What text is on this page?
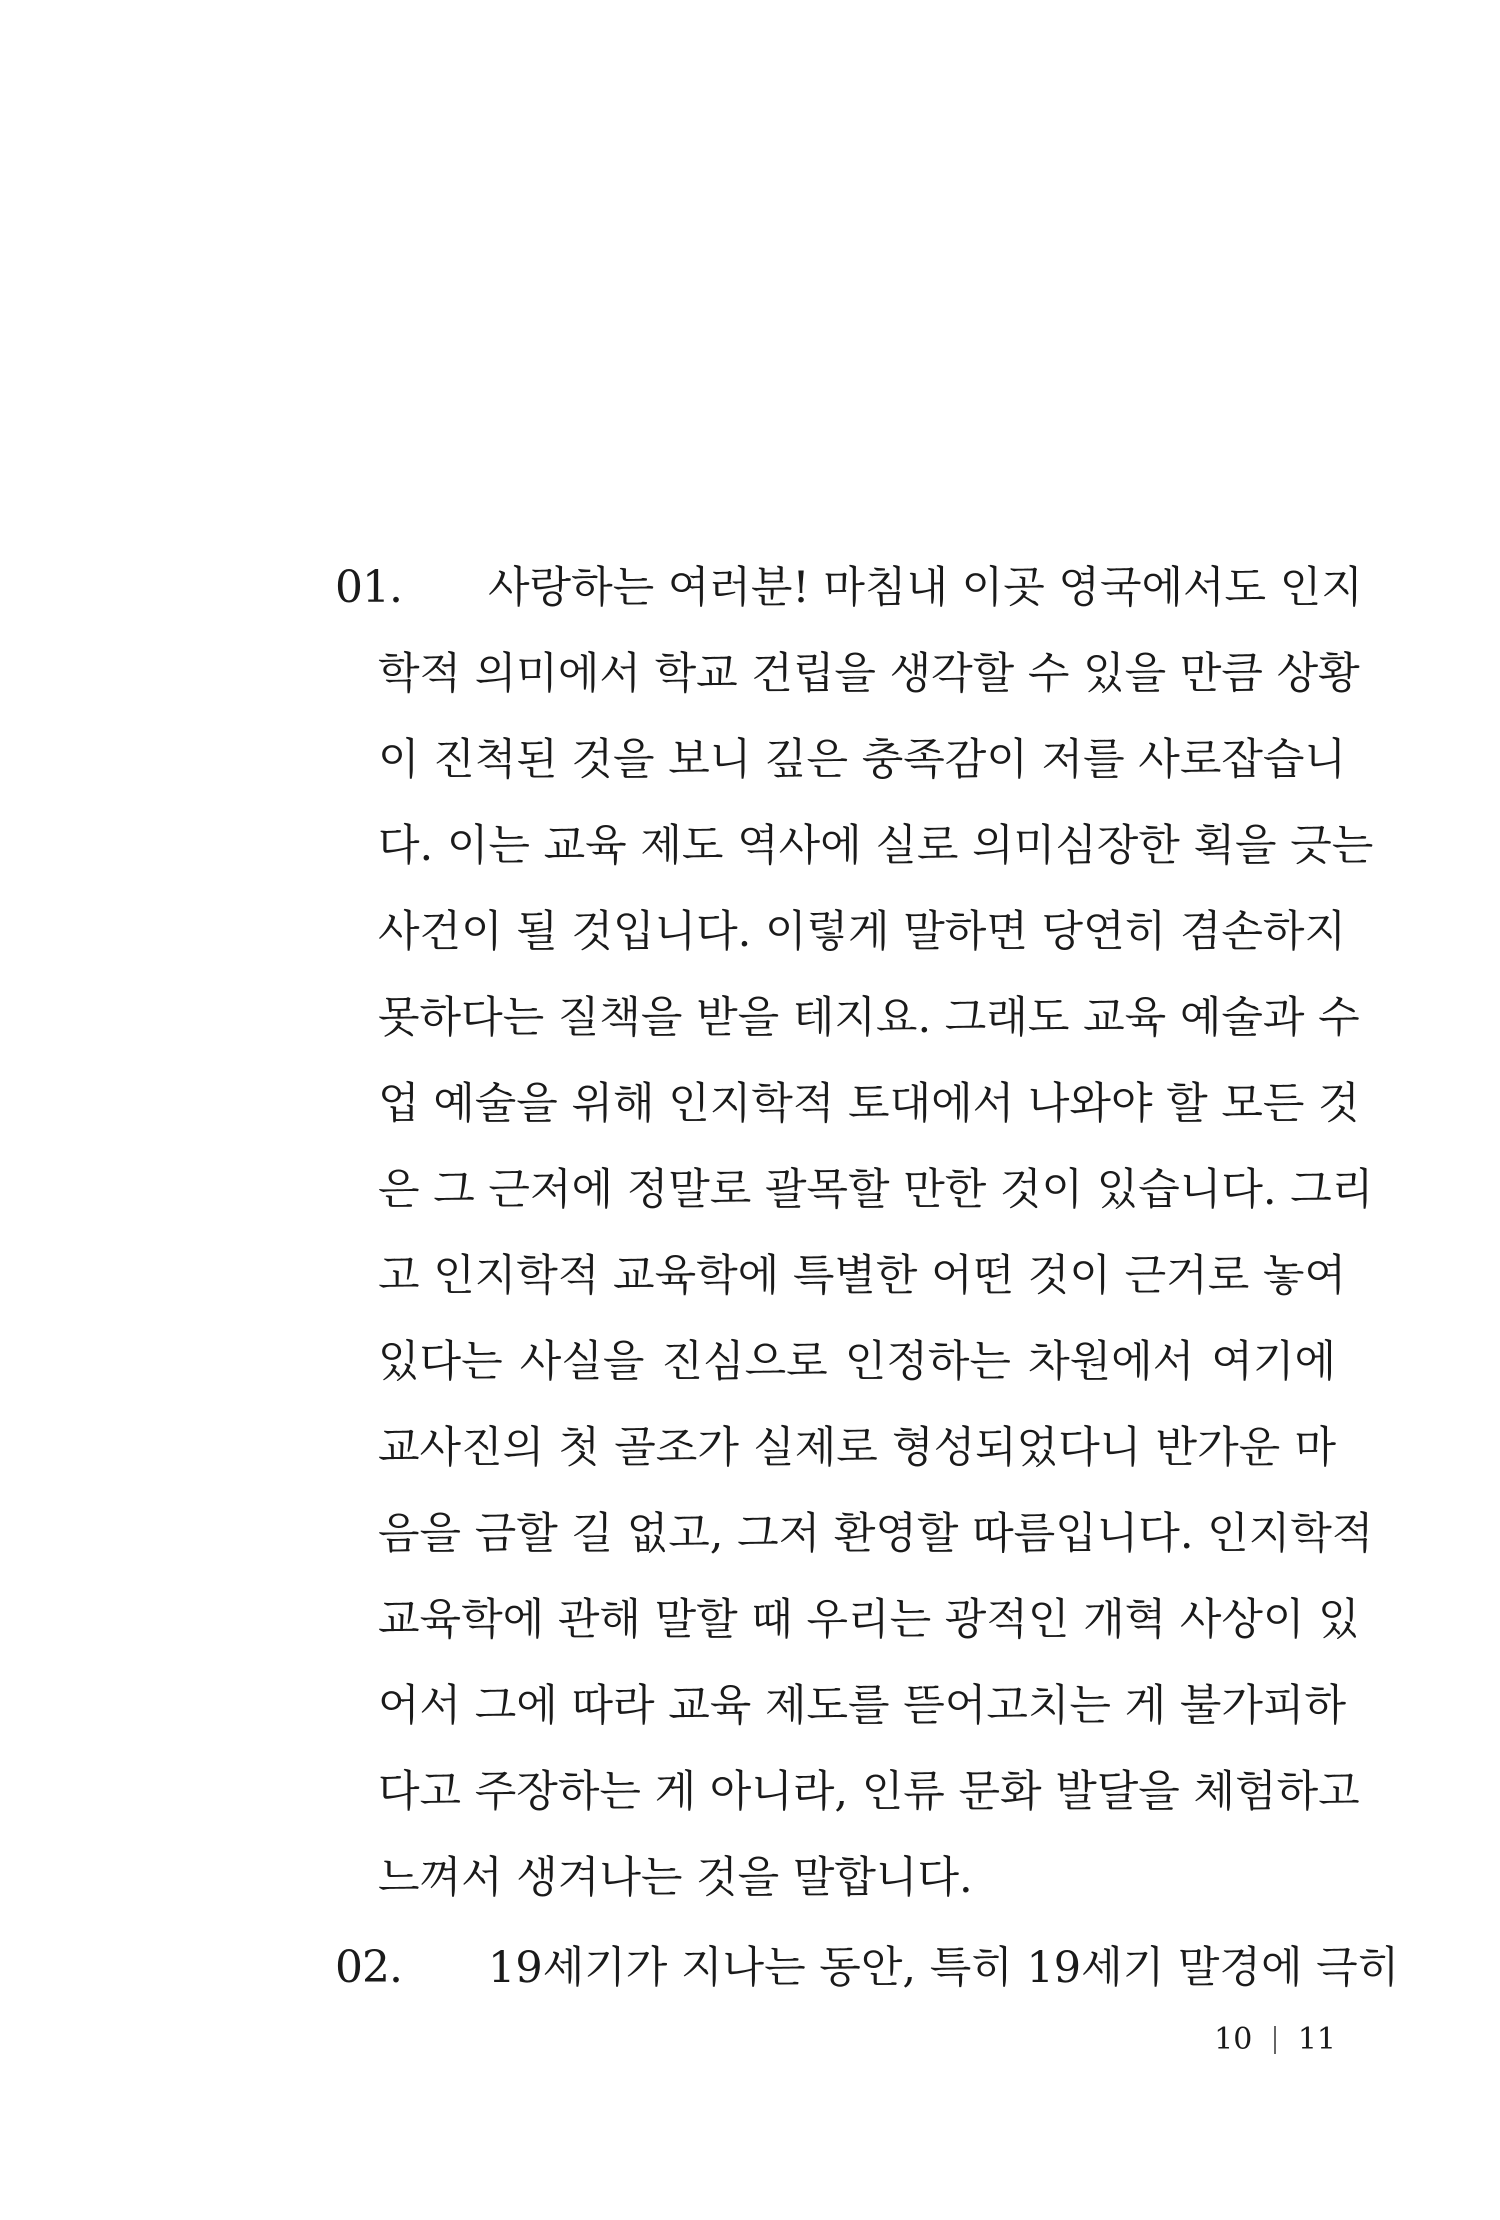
01. 사랑하는 여러분! 마침내 이곳 영국에서도 인지
학적 의미에서 학교 건립을 생각할 수 있을 만큼 상황
이 진척된 것을 보니 깊은 충족감이 저를 사로잡습니
다. 이는 교육 제도 역사에 실로 의미심장한 획을 긋는
사건이 될 것입니다. 이렇게 말하면 당연히 겸손하지
못하다는 질책을 받을 테지요. 그래도 교육 예술과 수
업 예술을 위해 인지학적 토대에서 나와야 할 모든 것
은 그 근저에 정말로 괄목할 만한 것이 있습니다. 그리
고 인지학적 교육학에 특별한 어떤 것이 근거로 놓여
있다는 사실을 진심으로 인정하는 차원에서 여기에
교사진의 첫 골조가 실제로 형성되었다니 반가운 마
음을 금할 길 없고, 그저 환영할 따름입니다. 인지학적
교육학에 관해 말할 때 우리는 광적인 개혁 사상이 있
어서 그에 따라 교육 제도를 뜯어고치는 게 불가피하
다고 주장하는 게 아니라, 인류 문화 발달을 체험하고
느껴서 생겨나는 것을 말합니다.
02. 19세기가 지나는 동안, 특히 19세기 말경에 극히
10 11
